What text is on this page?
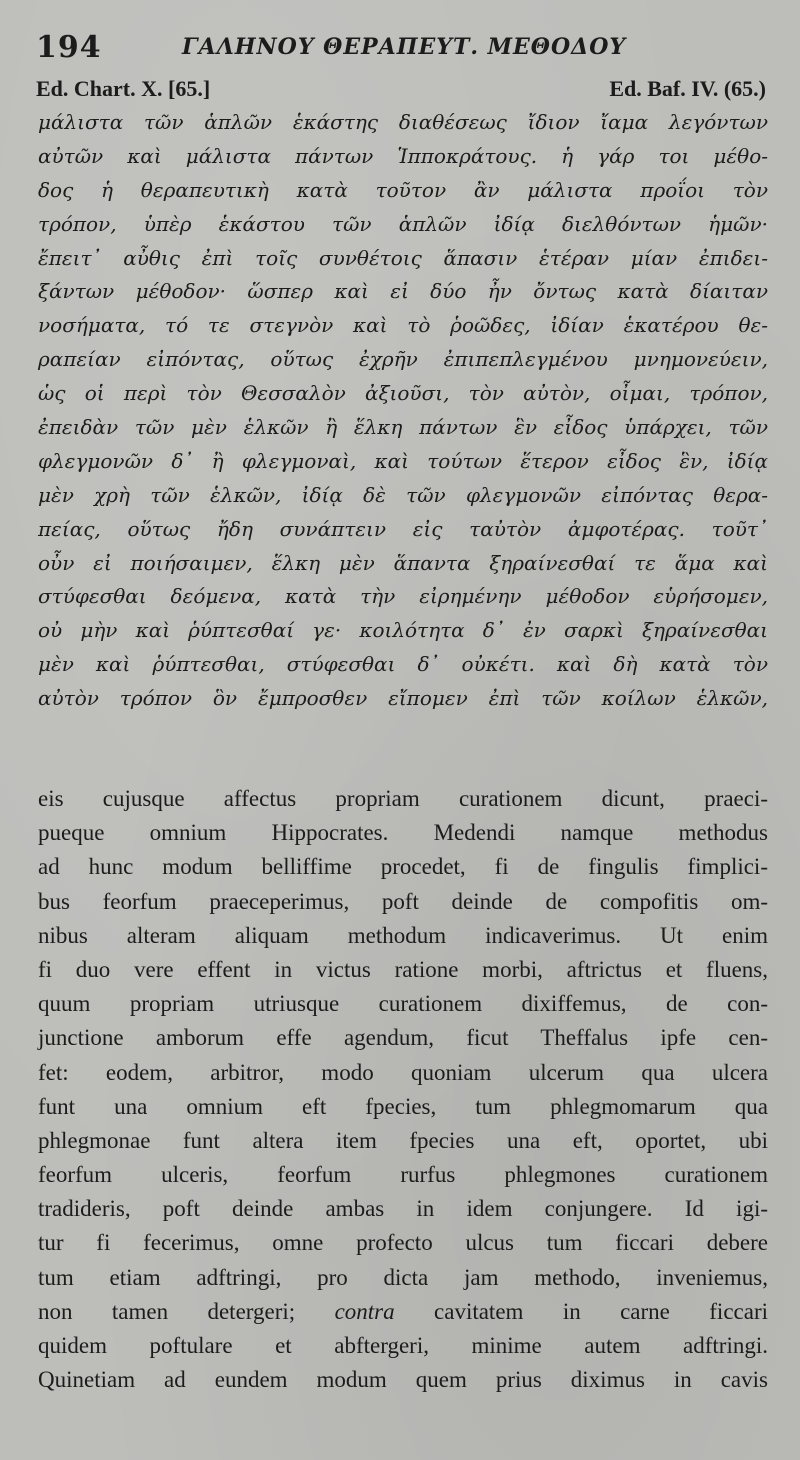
194	ΓΑΛΗΝΟΥ ΘΕΡΑΠΕΥΤ. ΜΕΘΟΔΟΥ
Ed. Chart. X. [65.]	Ed. Baf. IV. (65.)
μάλιστα τῶν ἁπλῶν ἑκάστης διαθέσεως ἴδιον ἴαμα λεγόντων
αὐτῶν καὶ μάλιστα πάντων Ἱπποκράτους. ἡ γάρ τοι μέθο-
δος ἡ θεραπευτικὴ κατὰ τοῦτον ἂν μάλιστα προΐοι τὸν
τρόπον, ὑπὲρ ἑκάστου τῶν ἁπλῶν ἰδίᾳ διελθόντων ἡμῶν·
ἔπειτ᾽ αὖθις ἐπὶ τοῖς συνθέτοις ἅπασιν ἑτέραν μίαν ἐπιδει-
ξάντων μέθοδον· ὥσπερ καὶ εἰ δύο ἦν ὄντως κατὰ δίαιταν
νοσήματα, τό τε στεγνὸν καὶ τὸ ῥοῶδες, ἰδίαν ἑκατέρου θε-
ραπείαν εἰπόντας, οὕτως ἐχρῆν ἐπιπεπλεγμένου μνημονεύειν,
ὡς οἱ περὶ τὸν Θεσσαλὸν ἀξιοῦσι, τὸν αὐτὸν, οἶμαι, τρόπον,
ἐπειδὰν τῶν μὲν ἑλκῶν ἢ ἕλκη πάντων ἓν εἶδος ὑπάρχει, τῶν
φλεγμονῶν δ᾽ ἢ φλεγμοναὶ, καὶ τούτων ἕτερον εἶδος ἓν, ἰδίᾳ
μὲν χρὴ τῶν ἑλκῶν, ἰδίᾳ δὲ τῶν φλεγμονῶν εἰπόντας θερα-
πείας, οὕτως ἤδη συνάπτειν εἰς ταὐτὸν ἀμφοτέρας. τοῦτ᾽
οὖν εἰ ποιήσαιμεν, ἕλκη μὲν ἅπαντα ξηραίνεσθαί τε ἅμα καὶ
στύφεσθαι δεόμενα, κατὰ τὴν εἰρημένην μέθοδον εὑρήσομεν,
οὐ μὴν καὶ ῥύπτεσθαί γε· κοιλότητα δ᾽ ἐν σαρκὶ ξηραίνεσθαι
μὲν καὶ ῥύπτεσθαι, στύφεσθαι δ᾽ οὐκέτι. καὶ δὴ κατὰ τὸν
αὐτὸν τρόπον ὃν ἔμπροσθεν εἴπομεν ἐπὶ τῶν κοίλων ἑλκῶν,
eis cujusque affectus propriam curationem dicunt, praeci-
pueque omnium Hippocrates. Medendi namque methodus
ad hunc modum belliffime procedet, fi de fingulis fimplici-
bus feorfum praeceperimus, poft deinde de compofitis om-
nibus alteram aliquam methodum indicaverimus. Ut enim
fi duo vere effent in victus ratione morbi, aftrictus et fluens,
quum propriam utriusque curationem dixiffemus, de con-
junctione amborum effe agendum, ficut Theffalus ipfe cen-
fet: eodem, arbitror, modo quoniam ulcerum qua ulcera
funt una omnium eft fpecies, tum phlegmomarum qua
phlegmonae funt altera item fpecies una eft, oportet, ubi
feorfum ulceris, feorfum rurfus phlegmones curationem
tradideris, poft deinde ambas in idem conjungere. Id igi-
tur fi fecerimus, omne profecto ulcus tum ficcari debere
tum etiam adftringi, pro dicta jam methodo, inveniemus,
non tamen detergeri; contra cavitatem in carne ficcari
quidem poftulare et abftergeri, minime autem adftringi.
Quinetiam ad eundem modum quem prius diximus in cavis
